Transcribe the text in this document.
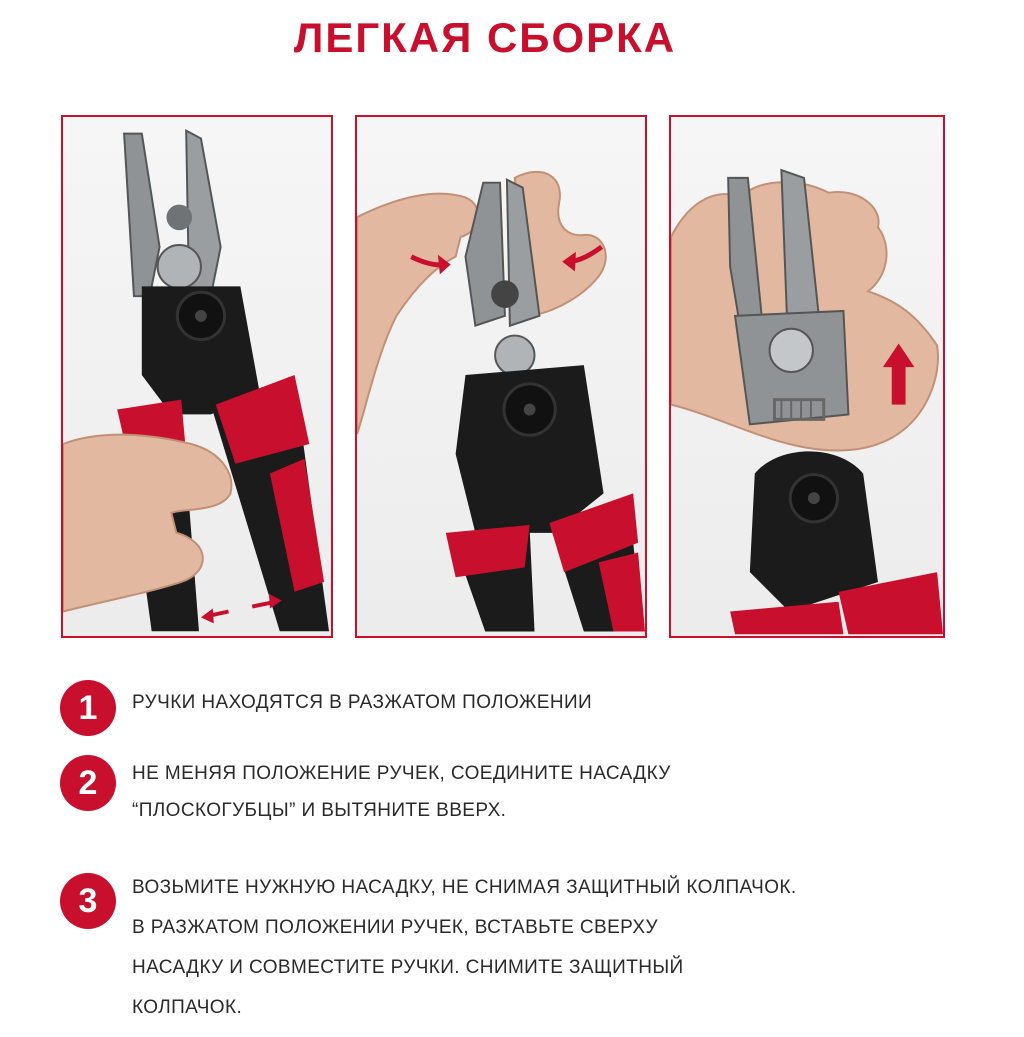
ЛЕГКАЯ СБОРКА
1	РУЧКИ НАХОДЯТСЯ В РАЗЖАТОМ ПОЛОЖЕНИИ
2	НЕ МЕНЯЯ ПОЛОЖЕНИЕ РУЧЕК, СОЕДИНИТЕ НАСАДКУ
“ПЛОСКОГУБЦЫ” И ВЫТЯНИТЕ ВВЕРХ.
3	ВОЗЬМИТЕ НУЖНУЮ НАСАДКУ, НЕ СНИМАЯ ЗАЩИТНЫЙ КОЛПАЧОК.
В РАЗЖАТОМ ПОЛОЖЕНИИ РУЧЕК, ВСТАВЬТЕ СВЕРХУ
НАСАДКУ И СОВМЕСТИТЕ РУЧКИ. СНИМИТЕ ЗАЩИТНЫЙ
КОЛПАЧОК.
